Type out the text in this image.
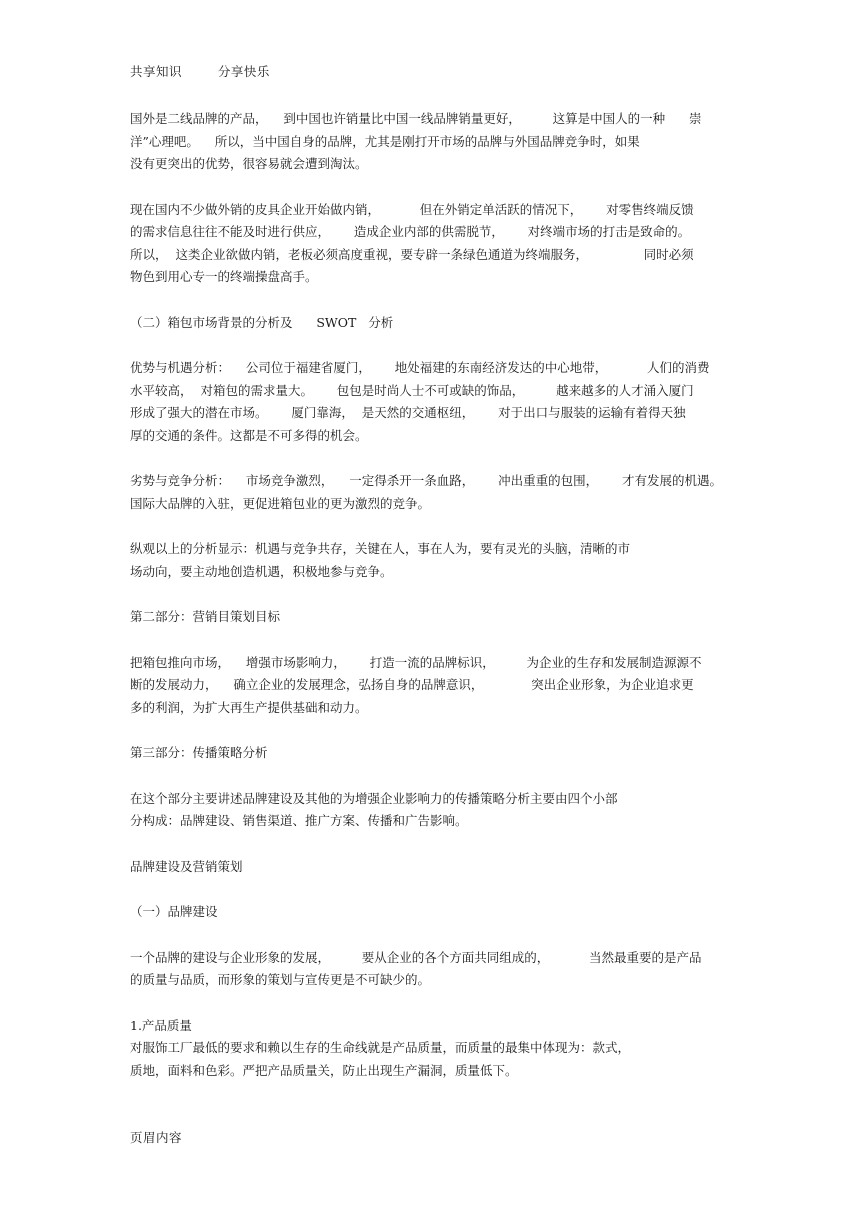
共享知识	分享快乐
国外是二线品牌的产品，    到中国也许销量比中国一线品牌销量更好，        这算是中国人的一种      崇
洋”心理吧。    所以，当中国自身的品牌，尤其是刚打开市场的品牌与外国品牌竞争时，如果
没有更突出的优势，很容易就会遭到淘汰。
现在国内不少做外销的皮具企业开始做内销，          但在外销定单活跃的情况下，      对零售终端反馈
的需求信息往往不能及时进行供应，      造成企业内部的供需脱节，      对终端市场的打击是致命的。
所以，  这类企业欲做内销，老板必须高度重视，要专辟一条绿色通道为终端服务，              同时必须
物色到用心专一的终端操盘高手。
（二）箱包市场背景的分析及      SWOT   分析
优势与机遇分析：    公司位于福建省厦门，      地处福建的东南经济发达的中心地带，          人们的消费
水平较高，  对箱包的需求量大。      包包是时尚人士不可或缺的饰品，        越来越多的人才涌入厦门
形成了强大的潜在市场。      厦门靠海，  是天然的交通枢纽，      对于出口与服装的运输有着得天独
厚的交通的条件。这都是不可多得的机会。
劣势与竞争分析：    市场竞争激烈，    一定得杀开一条血路，      冲出重重的包围，      才有发展的机遇。
国际大品牌的入驻，更促进箱包业的更为激烈的竞争。
纵观以上的分析显示：机遇与竞争共存，关键在人，事在人为，要有灵光的头脑，清晰的市
场动向，要主动地创造机遇，积极地参与竞争。
第二部分：营销目策划目标
把箱包推向市场，    增强市场影响力，      打造一流的品牌标识，        为企业的生存和发展制造源源不
断的发展动力，    确立企业的发展理念，弘扬自身的品牌意识，            突出企业形象，为企业追求更
多的利润，为扩大再生产提供基础和动力。
第三部分：传播策略分析
在这个部分主要讲述品牌建设及其他的为增强企业影响力的传播策略分析主要由四个小部
分构成：品牌建设、销售渠道、推广方案、传播和广告影响。
品牌建设及营销策划
（一）品牌建设
一个品牌的建设与企业形象的发展，        要从企业的各个方面共同组成的，          当然最重要的是产品
的质量与品质，而形象的策划与宣传更是不可缺少的。
1.产品质量
对服饰工厂最低的要求和赖以生存的生命线就是产品质量，而质量的最集中体现为：款式，
质地，面料和色彩。严把产品质量关，防止出现生产漏洞，质量低下。
页眉内容
